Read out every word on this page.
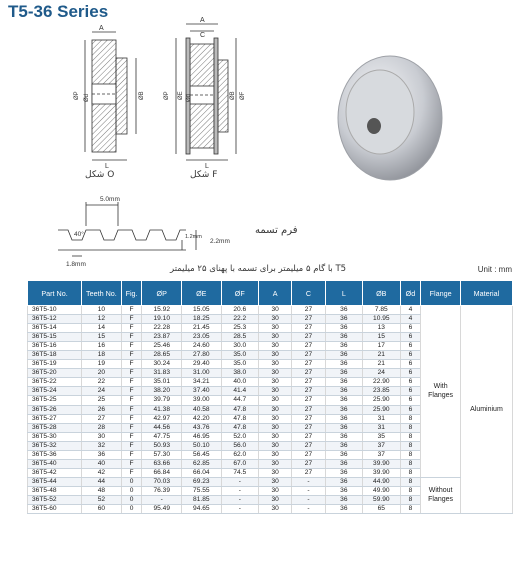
T5-36 Series
A
L
ØP Ød	ØB
A
C
L
ØP ØE Ød	ØB ØF
5.0mm
40°
2.2mm
1.2mm
1.8mm
شکل O	شکل F
فرم تسمه
T5 با گام ۵ میلیمتر برای تسمه با پهنای ۲۵ میلیمتر	Unit : mm
Part No.	Teeth No.	Fig.	ØP	ØE	ØF	A	C	L	ØB	Ød	Flange	Material
36T5-10	10	F	15.92	15.05	20.6	30	27	36	7.85	4	With Flanges	Aluminium
36T5-12	12	F	19.10	18.25	22.2	30	27	36	10.95	4		
36T5-14	14	F	22.28	21.45	25.3	30	27	36	13	6		
36T5-15	15	F	23.87	23.05	28.5	30	27	36	15	6		
36T5-16	16	F	25.46	24.60	30.0	30	27	36	17	6		
36T5-18	18	F	28.65	27.80	35.0	30	27	36	21	6		
36T5-19	19	F	30.24	29.40	35.0	30	27	36	21	6		
36T5-20	20	F	31.83	31.00	38.0	30	27	36	24	6		
36T5-22	22	F	35.01	34.21	40.0	30	27	36	22.90	6		
36T5-24	24	F	38.20	37.40	41.4	30	27	36	23.85	6		
36T5-25	25	F	39.79	39.00	44.7	30	27	36	25.90	6		
36T5-26	26	F	41.38	40.58	47.8	30	27	36	25.90	6		
36T5-27	27	F	42.97	42.20	47.8	30	27	36	31	8		
36T5-28	28	F	44.56	43.76	47.8	30	27	36	31	8		
36T5-30	30	F	47.75	46.95	52.0	30	27	36	35	8		
36T5-32	32	F	50.93	50.10	56.0	30	27	36	37	8		
36T5-36	36	F	57.30	56.45	62.0	30	27	36	37	8		
36T5-40	40	F	63.66	62.85	67.0	30	27	36	39.90	8		
36T5-42	42	F	66.84	66.04	74.5	30	27	36	39.90	8		
36T5-44	44	0	70.03	69.23	-	30	-	36	44.90	8	Without Flanges	
36T5-48	48	0	76.39	75.55	-	30	-	36	49.90	8		
36T5-52	52	0	-	81.85	-	30	-	36	59.90	8		
36T5-60	60	0	95.49	94.65	-	30	-	36	65	8		
